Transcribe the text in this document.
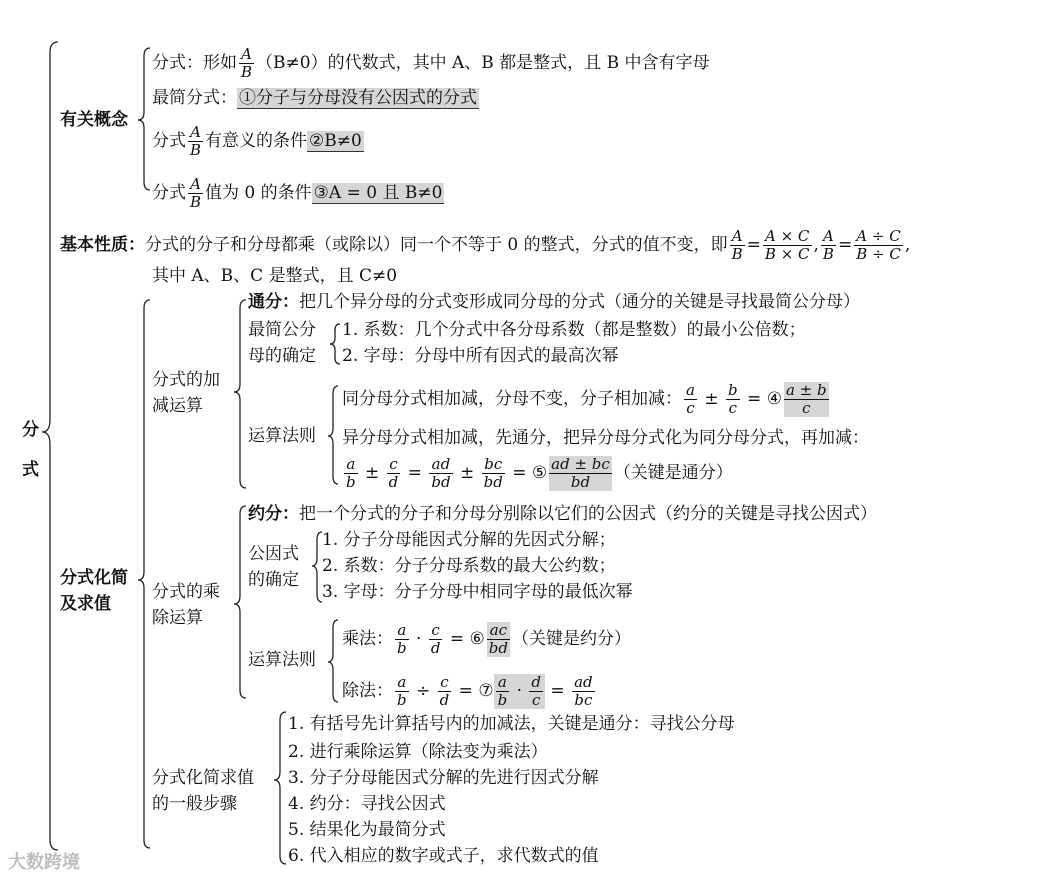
分
式
有关概念
分式：形如 $\frac{A}{B} (B\ne 0)$的代数式，其中 A、B 都是整式，且 B 中含有字母
最简分式： ①分子与分母没有公因式的分式
分式 $\frac{A}{B}$ 有意义的条件 ②B≠0
分式 $\frac{A}{B}$ 值为 0 的条件 ③A = 0 且 B≠0
基本性质：分式的分子和分母都乘（或除以）同一个不等于 0 的整式，分式的值不变，即 $\frac{A}{B} = \frac{A \times C}{B \times C}$ , $\frac{A}{B} = \frac{A \div C}{B \div C}$ ,
其中 A、B、C 是整式，且 C≠0
分式化简
及求值
分式的加
减运算
通分：把几个异分母的分式变形成同分母的分式（通分的关键是寻找最简公分母）
最简公分
母的确定
1. 系数：几个分式中各分母系数（都是整数）的最小公倍数；
2. 字母：分母中所有因式的最高次幂
运算法则
同分母分式相加减，分母不变，分子相加减： $\frac{a}{c} \pm \frac{b}{c}$ = ④ $\frac{a \pm b}{c}$
异分母分式相加减，先通分，把异分母分式化为同分母分式，再加减：
$\frac{a}{b} \pm \frac{c}{d} = \frac{ad}{bd} \pm \frac{bc}{bd}$ = ⑤ $\frac{ad \pm bc}{bd}$ （关键是通分）
分式的乘
除运算
约分：把一个分式的分子和分母分别除以它们的公因式（约分的关键是寻找公因式）
公因式
的确定
1. 分子分母能因式分解的先因式分解；
2. 系数：分子分母系数的最大公约数；
3. 字母：分子分母中相同字母的最低次幂
运算法则
乘法： $\frac{a}{b} \cdot \frac{c}{d}$ = ⑥ $\frac{ac}{bd}$ （关键是约分）
除法： $\frac{a}{b} \div \frac{c}{d}$ = ⑦ $\frac{a}{b} \cdot \frac{d}{c} = \frac{ad}{bc}$
分式化简求值
的一般步骤
1. 有括号先计算括号内的加减法，关键是通分：寻找公分母
2. 进行乘除运算（除法变为乘法）
3. 分子分母能因式分解的先进行因式分解
4. 约分：寻找公因式
5. 结果化为最简分式
6. 代入相应的数字或式子，求代数式的值
大数跨境
